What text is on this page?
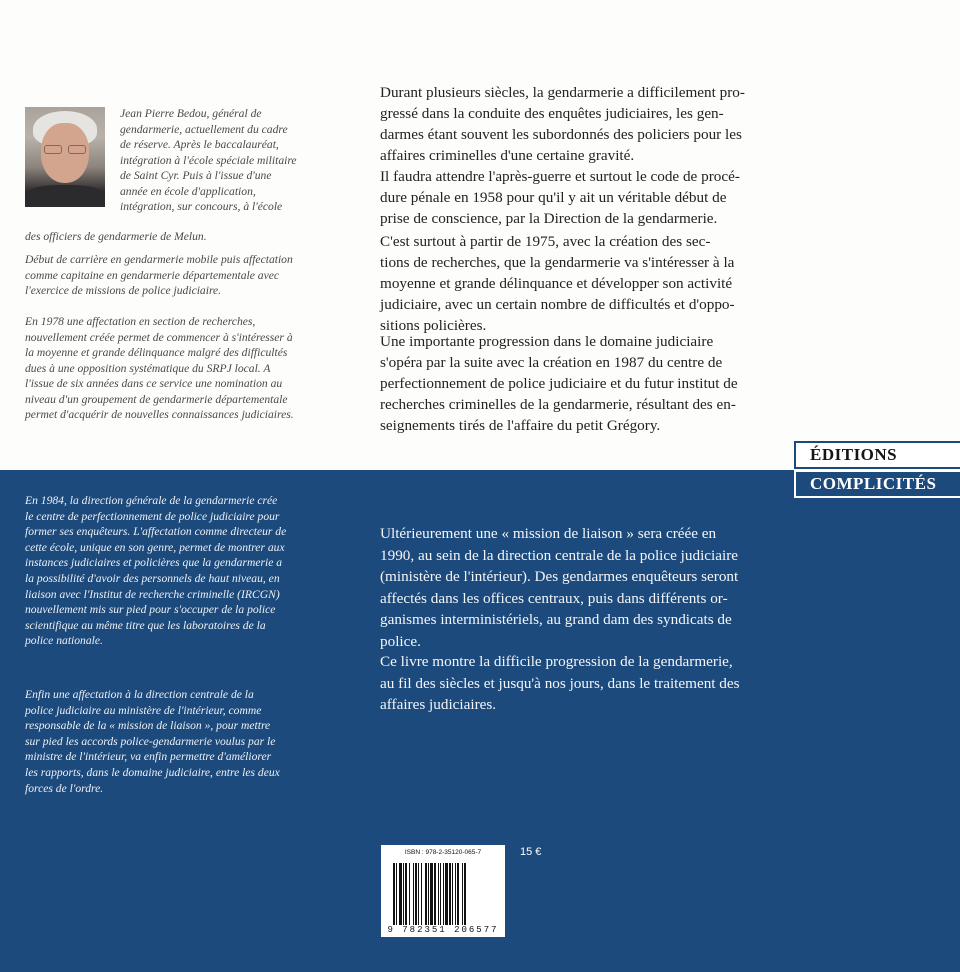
Jean Pierre Bedou, général de
gendarmerie, actuellement du cadre
de réserve. Après le baccalauréat,
intégration à l'école spéciale militaire
de Saint Cyr. Puis à l'issue d'une
année en école d'application,
intégration, sur concours, à l'école
des officiers de gendarmerie de Melun.
Début de carrière en gendarmerie mobile puis affectation
comme capitaine en gendarmerie départementale avec
l'exercice de missions de police judiciaire.
En 1978 une affectation en section de recherches,
nouvellement créée permet de commencer à s'intéresser à
la moyenne et grande délinquance malgré des difficultés
dues à une opposition systématique du SRPJ local. A
l'issue de six années dans ce service une nomination au
niveau d'un groupement de gendarmerie départementale
permet d'acquérir de nouvelles connaissances judiciaires.
Durant plusieurs siècles, la gendarmerie a difficilement pro-
gressé dans la conduite des enquêtes judiciaires, les gen-
darmes étant souvent les subordonnés des policiers pour les
affaires criminelles d'une certaine gravité.
Il faudra attendre l'après-guerre et surtout le code de procé-
dure pénale en 1958 pour qu'il y ait un véritable début de
prise de conscience, par la Direction de la gendarmerie.
C'est surtout à partir de 1975, avec la création des sec-
tions de recherches, que la gendarmerie va s'intéresser à la
moyenne et grande délinquance et développer son activité
judiciaire, avec un certain nombre de difficultés et d'oppo-
sitions policières.
Une importante progression dans le domaine judiciaire
s'opéra par la suite avec la création en 1987 du centre de
perfectionnement de police judiciaire et du futur institut de
recherches criminelles de la gendarmerie, résultant des en-
seignements tirés de l'affaire du petit Grégory.
ÉDITIONS
COMPLICITÉS
En 1984, la direction générale de la gendarmerie crée
le centre de perfectionnement de police judiciaire pour
former ses enquêteurs. L'affectation comme directeur de
cette école, unique en son genre, permet de montrer aux
instances judiciaires et policières que la gendarmerie a
la possibilité d'avoir des personnels de haut niveau, en
liaison avec l'Institut de recherche criminelle (IRCGN)
nouvellement mis sur pied pour s'occuper de la police
scientifique au même titre que les laboratoires de la
police nationale.
Enfin une affectation à la direction centrale de la
police judiciaire au ministère de l'intérieur, comme
responsable de la « mission de liaison », pour mettre
sur pied les accords police-gendarmerie voulus par le
ministre de l'intérieur, va enfin permettre d'améliorer
les rapports, dans le domaine judiciaire, entre les deux
forces de l'ordre.
Ultérieurement une « mission de liaison » sera créée en
1990, au sein de la direction centrale de la police judiciaire
(ministère de l'intérieur). Des gendarmes enquêteurs seront
affectés dans les offices centraux, puis dans différents or-
ganismes interministériels, au grand dam des syndicats de
police.
Ce livre montre la difficile progression de la gendarmerie,
au fil des siècles et jusqu'à nos jours, dans le traitement des
affaires judiciaires.
ISBN : 978-2-35120-065-7
9 782351 206577
15 €
